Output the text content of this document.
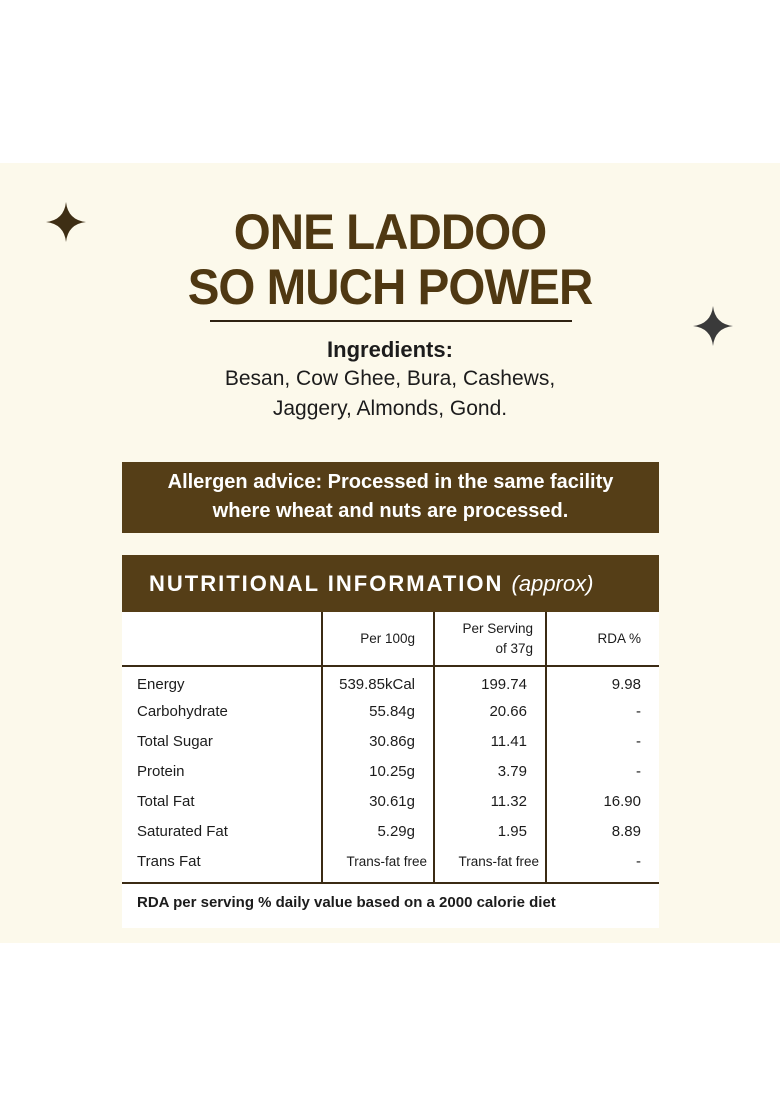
ONE LADDOO
SO MUCH POWER
Ingredients:
Besan, Cow Ghee, Bura, Cashews,
Jaggery, Almonds, Gond.
Allergen advice: Processed in the same facility
where wheat and nuts are processed.
NUTRITIONAL INFORMATION (approx)
	Per 100g	Per Serving of 37g	RDA %
Energy	539.85kCal	199.74	9.98
Carbohydrate	55.84g	20.66	-
Total Sugar	30.86g	11.41	-
Protein	10.25g	3.79	-
Total Fat	30.61g	11.32	16.90
Saturated Fat	5.29g	1.95	8.89
Trans Fat	Trans-fat free	Trans-fat free	-
RDA per serving % daily value based on a 2000 calorie diet
